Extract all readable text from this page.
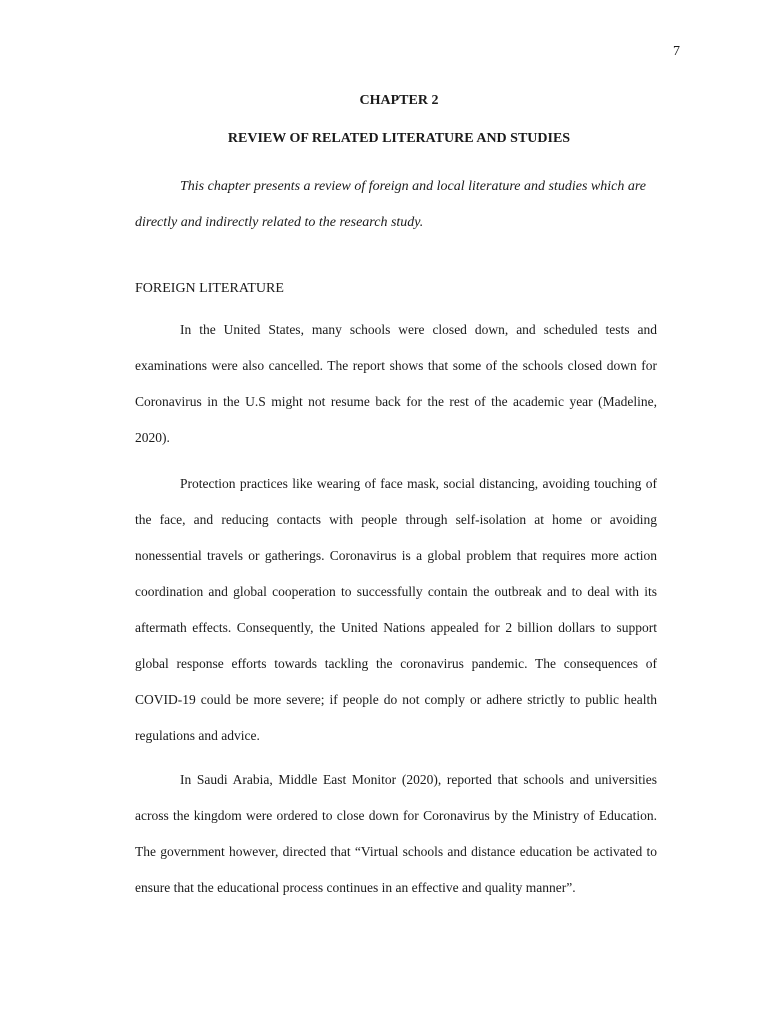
7
CHAPTER 2
REVIEW OF RELATED LITERATURE AND STUDIES

This chapter presents a review of foreign and local literature and studies which are directly and indirectly related to the research study.

FOREIGN LITERATURE

In the United States, many schools were closed down, and scheduled tests and examinations were also cancelled. The report shows that some of the schools closed down for Coronavirus in the U.S might not resume back for the rest of the academic year (Madeline, 2020).

Protection practices like wearing of face mask, social distancing, avoiding touching of the face, and reducing contacts with people through self-isolation at home or avoiding nonessential travels or gatherings. Coronavirus is a global problem that requires more action coordination and global cooperation to successfully contain the outbreak and to deal with its aftermath effects. Consequently, the United Nations appealed for 2 billion dollars to support global response efforts towards tackling the coronavirus pandemic. The consequences of COVID-19 could be more severe; if people do not comply or adhere strictly to public health regulations and advice.

In Saudi Arabia, Middle East Monitor (2020), reported that schools and universities across the kingdom were ordered to close down for Coronavirus by the Ministry of Education. The government however, directed that “Virtual schools and distance education be activated to ensure that the educational process continues in an effective and quality manner”.
